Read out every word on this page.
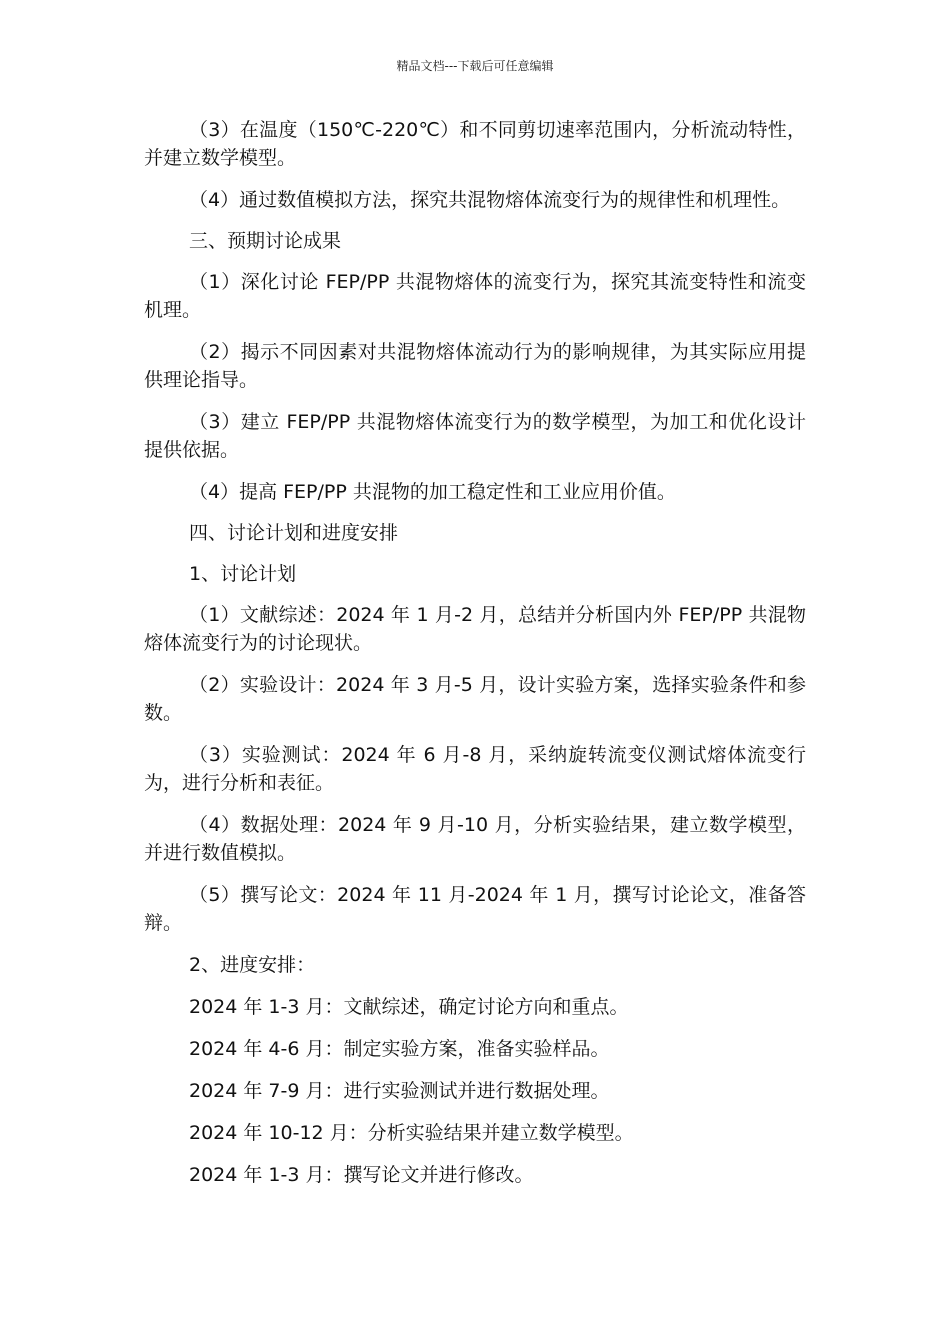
精品文档---下载后可任意编辑

（3）在温度（150℃-220℃）和不同剪切速率范围内，分析流动特性，并建立数学模型。

（4）通过数值模拟方法，探究共混物熔体流变行为的规律性和机理性。

三、预期讨论成果

（1）深化讨论 FEP/PP 共混物熔体的流变行为，探究其流变特性和流变机理。

（2）揭示不同因素对共混物熔体流动行为的影响规律，为其实际应用提供理论指导。

（3）建立 FEP/PP 共混物熔体流变行为的数学模型，为加工和优化设计提供依据。

（4）提高 FEP/PP 共混物的加工稳定性和工业应用价值。

四、讨论计划和进度安排

1、讨论计划

（1）文献综述：2024 年 1 月-2 月，总结并分析国内外 FEP/PP 共混物熔体流变行为的讨论现状。

（2）实验设计：2024 年 3 月-5 月，设计实验方案，选择实验条件和参数。

（3）实验测试：2024 年 6 月-8 月，采纳旋转流变仪测试熔体流变行为，进行分析和表征。

（4）数据处理：2024 年 9 月-10 月，分析实验结果，建立数学模型，并进行数值模拟。

（5）撰写论文：2024 年 11 月-2024 年 1 月，撰写讨论论文，准备答辩。

2、进度安排：

2024 年 1-3 月：文献综述，确定讨论方向和重点。

2024 年 4-6 月：制定实验方案，准备实验样品。

2024 年 7-9 月：进行实验测试并进行数据处理。

2024 年 10-12 月：分析实验结果并建立数学模型。

2024 年 1-3 月：撰写论文并进行修改。
